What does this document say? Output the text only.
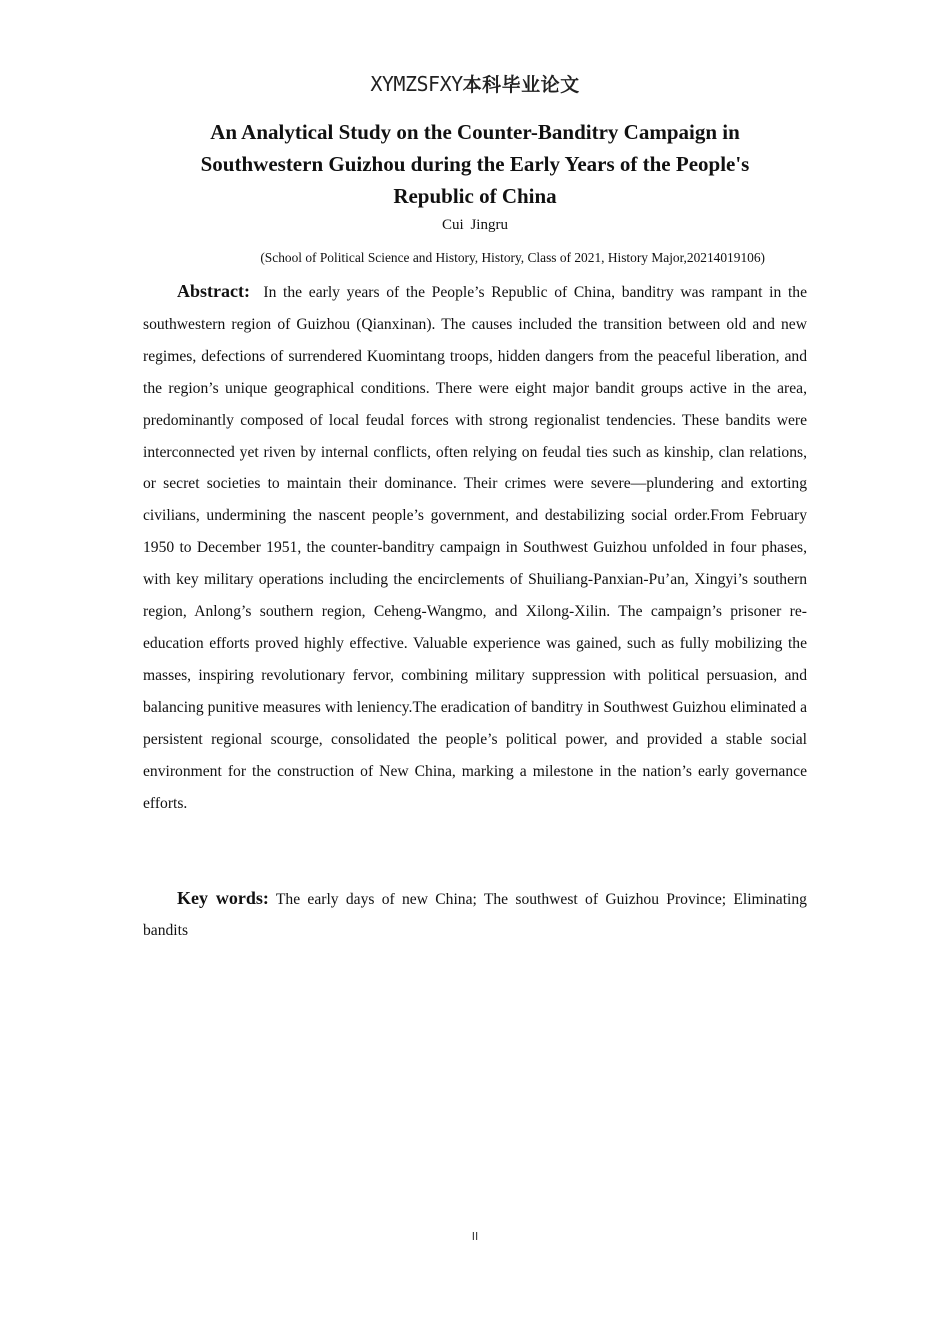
XYMZSFXY本科毕业论文
An Analytical Study on the Counter-Banditry Campaign in Southwestern Guizhou during the Early Years of the People's Republic of China
Cui Jingru
(School of Political Science and History, History, Class of 2021, History Major,20214019106)

Abstract: In the early years of the People’s Republic of China, banditry was rampant in the southwestern region of Guizhou (Qianxinan). The causes included the transition between old and new regimes, defections of surrendered Kuomintang troops, hidden dangers from the peaceful liberation, and the region’s unique geographical conditions. There were eight major bandit groups active in the area, predominantly composed of local feudal forces with strong regionalist tendencies. These bandits were interconnected yet riven by internal conflicts, often relying on feudal ties such as kinship, clan relations, or secret societies to maintain their dominance. Their crimes were severe—plundering and extorting civilians, undermining the nascent people’s government, and destabilizing social order.From February 1950 to December 1951, the counter-banditry campaign in Southwest Guizhou unfolded in four phases, with key military operations including the encirclements of Shuiliang-Panxian-Pu’an, Xingyi’s southern region, Anlong’s southern region, Ceheng-Wangmo, and Xilong-Xilin. The campaign’s prisoner re-education efforts proved highly effective. Valuable experience was gained, such as fully mobilizing the masses, inspiring revolutionary fervor, combining military suppression with political persuasion, and balancing punitive measures with leniency.The eradication of banditry in Southwest Guizhou eliminated a persistent regional scourge, consolidated the people’s political power, and provided a stable social environment for the construction of New China, marking a milestone in the nation’s early governance efforts.

Key words: The early days of new China; The southwest of Guizhou Province; Eliminating bandits

II
